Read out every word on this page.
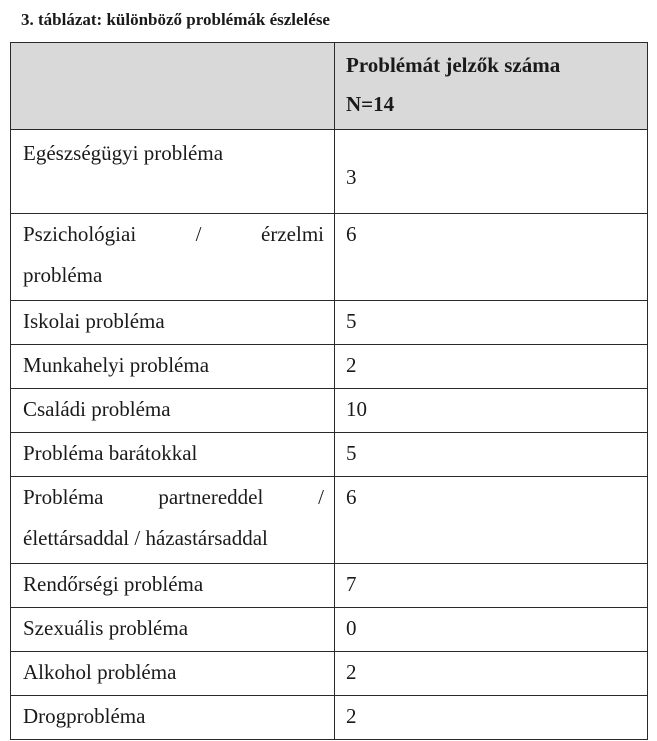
3. táblázat: különböző problémák észlelése

	Problémát jelzők száma
N=14

Egészségügyi probléma	3

Pszichológiai / érzelmi
probléma	6

Iskolai probléma	5

Munkahelyi probléma	2

Családi probléma	10

Probléma barátokkal	5

Probléma partnereddel /
élettársaddal / házastársaddal	6

Rendőrségi probléma	7

Szexuális probléma	0

Alkohol probléma	2

Drogprobléma	2
